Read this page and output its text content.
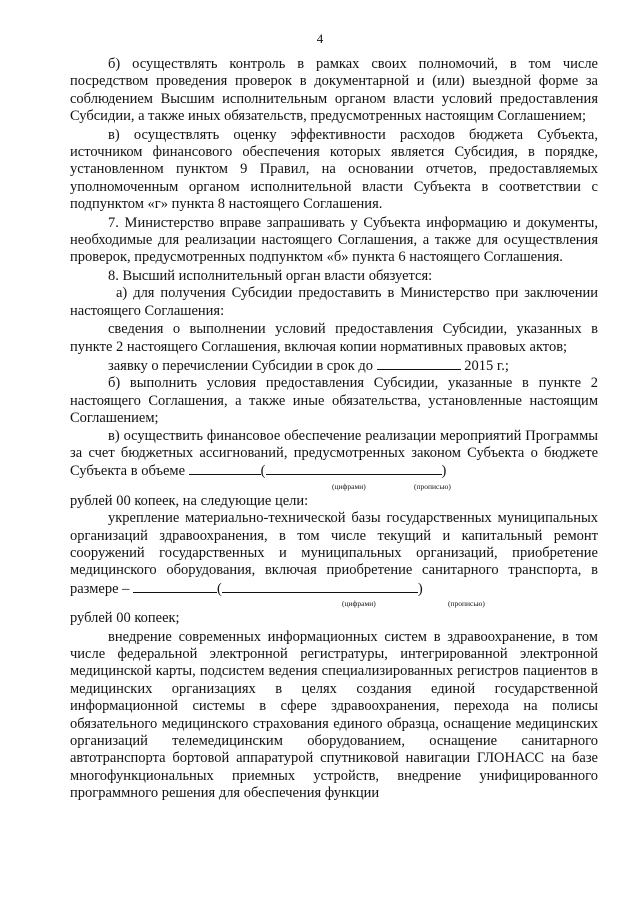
4

б) осуществлять контроль в рамках своих полномочий, в том числе посредством проведения проверок в документарной и (или) выездной форме за соблюдением Высшим исполнительным органом власти условий предоставления Субсидии, а также иных обязательств, предусмотренных настоящим Соглашением;

в) осуществлять оценку эффективности расходов бюджета Субъекта, источником финансового обеспечения которых является Субсидия, в порядке, установленном пунктом 9 Правил, на основании отчетов, предоставляемых уполномоченным органом исполнительной власти Субъекта в соответствии с подпунктом «г» пункта 8 настоящего Соглашения.

7. Министерство вправе запрашивать у Субъекта информацию и документы, необходимые для реализации настоящего Соглашения, а также для осуществления проверок, предусмотренных подпунктом «б» пункта 6 настоящего Соглашения.

8. Высший исполнительный орган власти обязуется:

а) для получения Субсидии предоставить в Министерство при заключении настоящего Соглашения:

сведения о выполнении условий предоставления Субсидии, указанных в пункте 2 настоящего Соглашения, включая копии нормативных правовых актов;

заявку о перечислении Субсидии в срок до	2015 г.;

б) выполнить условия предоставления Субсидии, указанные в пункте 2 настоящего Соглашения, а также иные обязательства, установленные настоящим Соглашением;

в) осуществить финансовое обеспечение реализации мероприятий Программы за счет бюджетных ассигнований, предусмотренных законом Субъекта о бюджете Субъекта в объеме	(	)

(цифрами)	(прописью)

рублей 00 копеек, на следующие цели:

укрепление материально-технической базы государственных муниципальных организаций здравоохранения, в том числе текущий и капитальный ремонт сооружений государственных и муниципальных организаций, приобретение медицинского оборудования, включая приобретение санитарного транспорта, в размере –	(	)

(цифрами)	(прописью)

рублей 00 копеек;

внедрение современных информационных систем в здравоохранение, в том числе федеральной электронной регистратуры, интегрированной электронной медицинской карты, подсистем ведения специализированных регистров пациентов в медицинских организациях в целях создания единой государственной информационной системы в сфере здравоохранения, перехода на полисы обязательного медицинского страхования единого образца, оснащение медицинских организаций телемедицинским оборудованием, оснащение санитарного автотранспорта бортовой аппаратурой спутниковой навигации ГЛОНАСС на базе многофункциональных приемных устройств, внедрение унифицированного программного решения для обеспечения функции
